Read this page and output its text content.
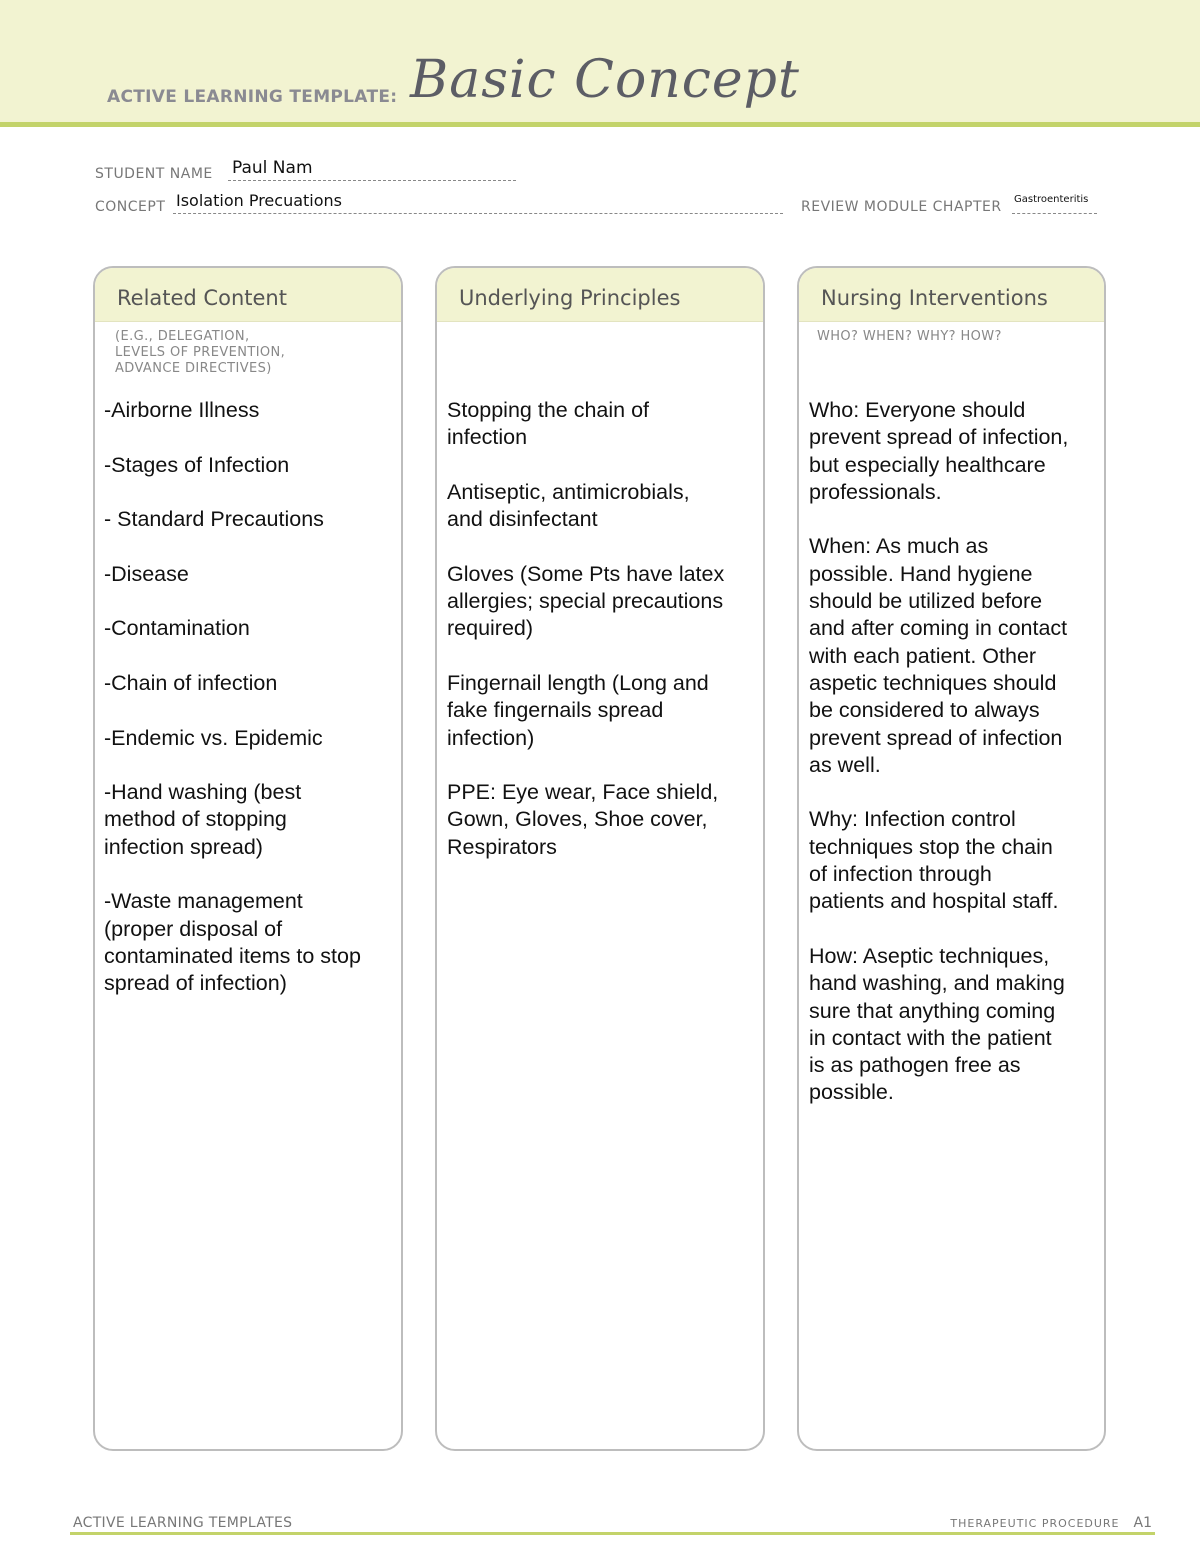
ACTIVE LEARNING TEMPLATE: Basic Concept
STUDENT NAME Paul Nam
CONCEPT Isolation Precuations	REVIEW MODULE CHAPTER Gastroenteritis
Related Content
(E.G., DELEGATION,
LEVELS OF PREVENTION,
ADVANCE DIRECTIVES)
-Airborne Illness
-Stages of Infection
- Standard Precautions
-Disease
-Contamination
-Chain of infection
-Endemic vs. Epidemic
-Hand washing (best
method of stopping
infection spread)
-Waste management
(proper disposal of
contaminated items to stop
spread of infection)
Underlying Principles
Stopping the chain of
infection
Antiseptic, antimicrobials,
and disinfectant
Gloves (Some Pts have latex
allergies; special precautions
required)
Fingernail length (Long and
fake fingernails spread
infection)
PPE: Eye wear, Face shield,
Gown, Gloves, Shoe cover,
Respirators
Nursing Interventions
WHO? WHEN? WHY? HOW?
Who: Everyone should
prevent spread of infection,
but especially healthcare
professionals.
When: As much as
possible. Hand hygiene
should be utilized before
and after coming in contact
with each patient. Other
aspetic techniques should
be considered to always
prevent spread of infection
as well.
Why: Infection control
techniques stop the chain
of infection through
patients and hospital staff.
How: Aseptic techniques,
hand washing, and making
sure that anything coming
in contact with the patient
is as pathogen free as
possible.
ACTIVE LEARNING TEMPLATES	THERAPEUTIC PROCEDURE A1
